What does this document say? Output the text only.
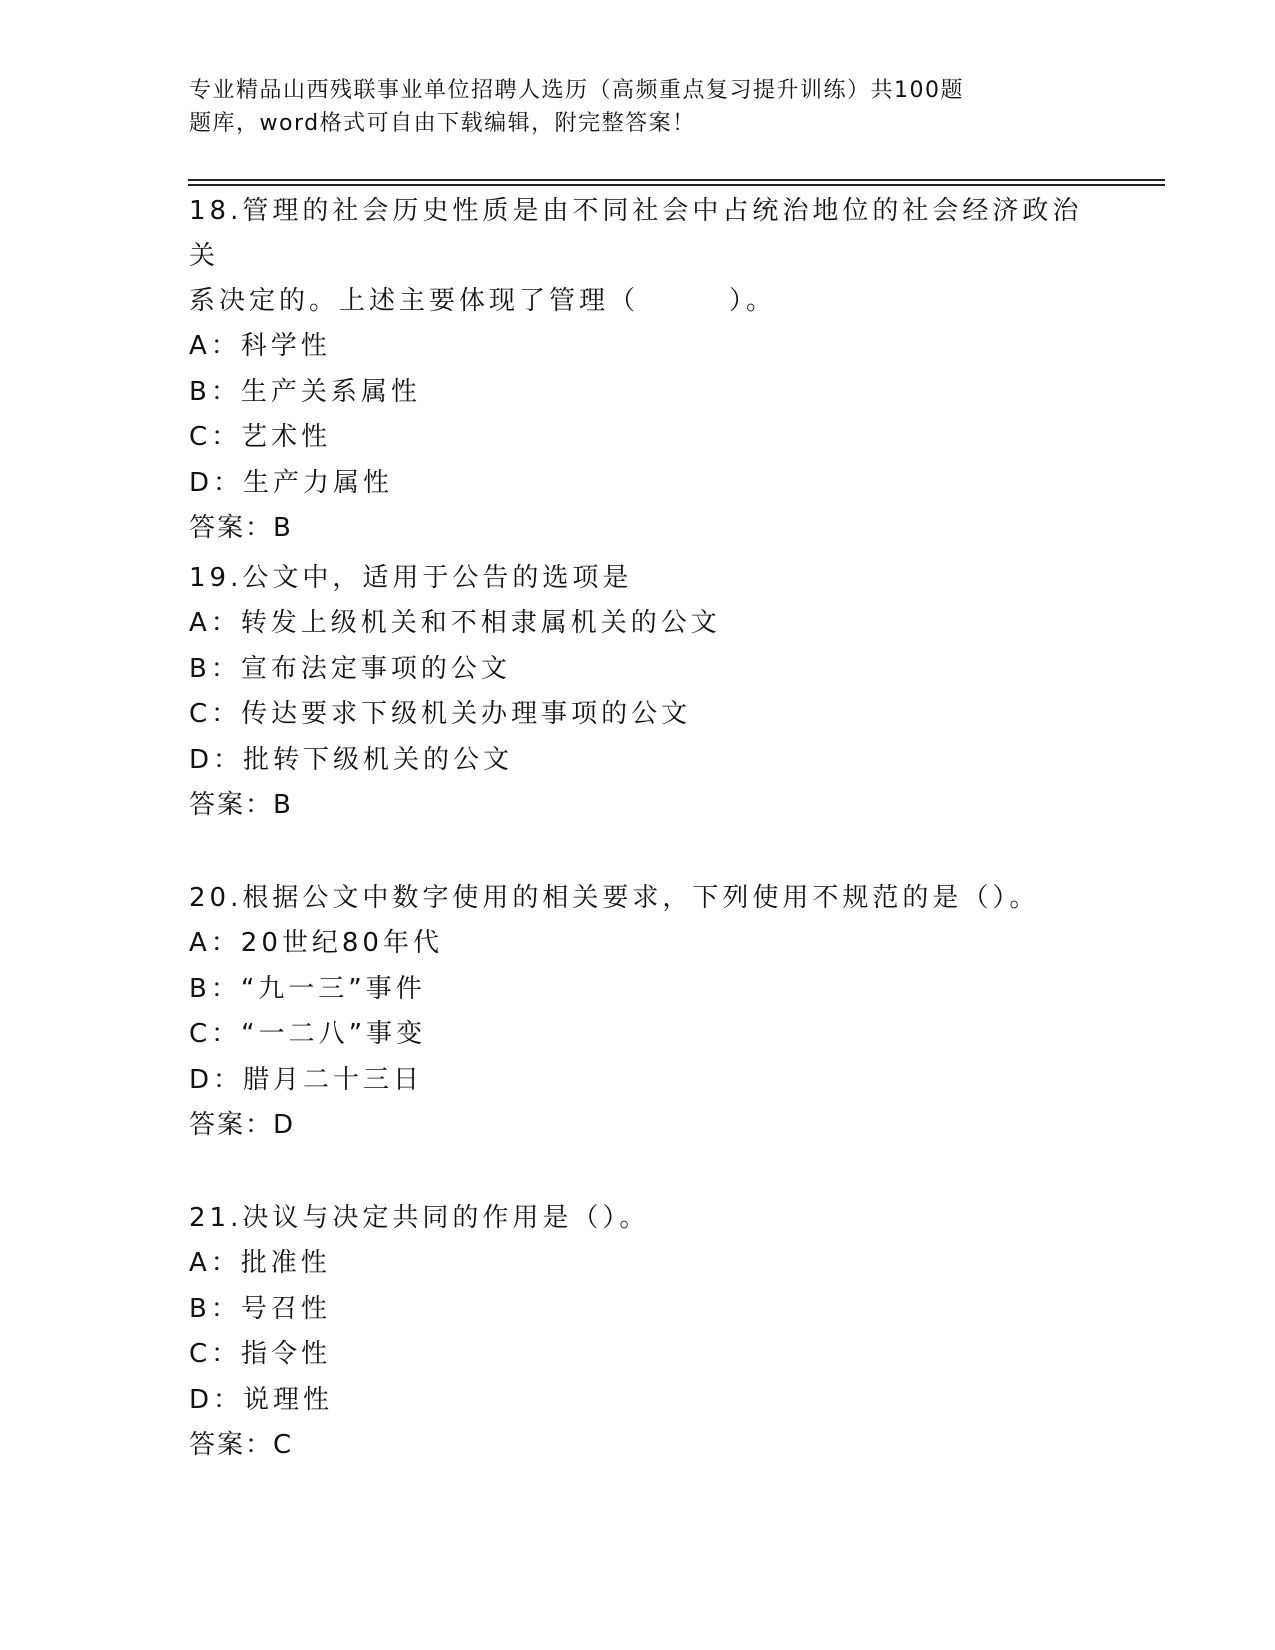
专业精品山西残联事业单位招聘人选历（高频重点复习提升训练）共100题
题库，word格式可自由下载编辑，附完整答案！

18.管理的社会历史性质是由不同社会中占统治地位的社会经济政治关

系决定的。上述主要体现了管理（　　　）。

A：科学性

B：生产关系属性

C：艺术性

D：生产力属性

答案：B

19.公文中，适用于公告的选项是

A：转发上级机关和不相隶属机关的公文

B：宣布法定事项的公文

C：传达要求下级机关办理事项的公文

D：批转下级机关的公文

答案：B

20.根据公文中数字使用的相关要求，下列使用不规范的是（）。

A：20世纪80年代

B：“九一三”事件

C：“一二八”事变

D：腊月二十三日

答案：D

21.决议与决定共同的作用是（）。

A：批准性

B：号召性

C：指令性

D：说理性

答案：C
